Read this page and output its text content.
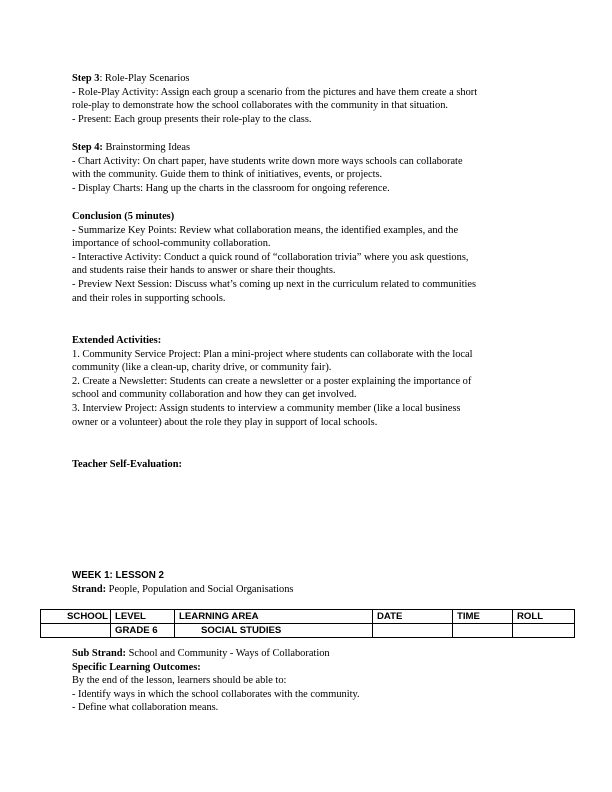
Step 3: Role-Play Scenarios

- Role-Play Activity: Assign each group a scenario from the pictures and have them create a short

role-play to demonstrate how the school collaborates with the community in that situation.

- Present: Each group presents their role-play to the class.

Step 4: Brainstorming Ideas

- Chart Activity: On chart paper, have students write down more ways schools can collaborate

with the community. Guide them to think of initiatives, events, or projects.

- Display Charts: Hang up the charts in the classroom for ongoing reference.

Conclusion (5 minutes)

- Summarize Key Points: Review what collaboration means, the identified examples, and the

importance of school-community collaboration.

- Interactive Activity: Conduct a quick round of “collaboration trivia” where you ask questions,

and students raise their hands to answer or share their thoughts.

- Preview Next Session: Discuss what’s coming up next in the curriculum related to communities

and their roles in supporting schools.

Extended Activities:

1. Community Service Project: Plan a mini-project where students can collaborate with the local

community (like a clean-up, charity drive, or community fair).

2. Create a Newsletter: Students can create a newsletter or a poster explaining the importance of

school and community collaboration and how they can get involved.

3. Interview Project: Assign students to interview a community member (like a local business

owner or a volunteer) about the role they play in support of local schools.

Teacher Self-Evaluation:

WEEK 1: LESSON 2

Strand: People, Population and Social Organisations

SCHOOL	LEVEL	LEARNING AREA	DATE	TIME	ROLL
	GRADE 6	SOCIAL STUDIES			

Sub Strand: School and Community - Ways of Collaboration

Specific Learning Outcomes:

By the end of the lesson, learners should be able to:

- Identify ways in which the school collaborates with the community.

- Define what collaboration means.
